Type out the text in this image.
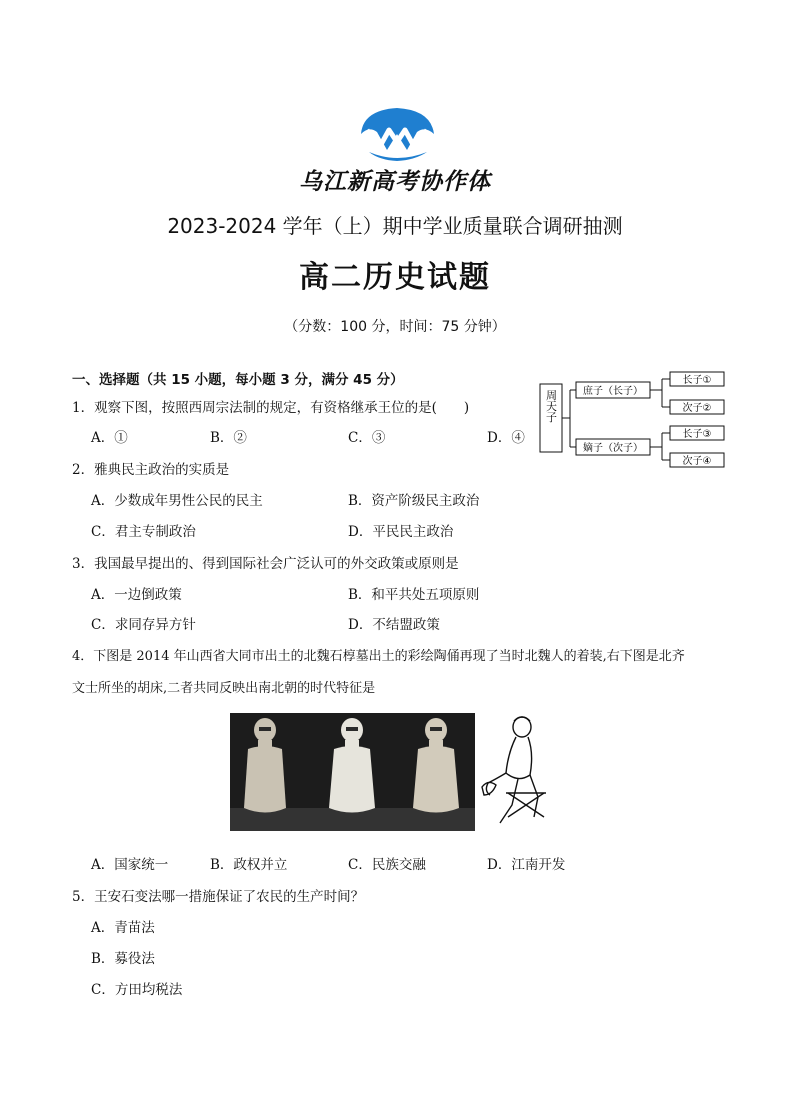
乌江新高考协作体
2023-2024 学年（上）期中学业质量联合调研抽测
高二历史试题
（分数：100 分，时间：75 分钟）
一、选择题（共 15 小题，每小题 3 分，满分 45 分）
周天子	庶子（长子）
嫡子（次子）
长子①
次子②
长子③
次子④
1．观察下图，按照西周宗法制的规定，有资格继承王位的是(　　)
A．①	B．②	C．③	D．④
2．雅典民主政治的实质是
A．少数成年男性公民的民主	B．资产阶级民主政治
C．君主专制政治	D．平民民主政治
3．我国最早提出的、得到国际社会广泛认可的外交政策或原则是
A．一边倒政策	B．和平共处五项原则
C．求同存异方针	D．不结盟政策
4．下图是 2014 年山西省大同市出土的北魏石椁墓出土的彩绘陶俑再现了当时北魏人的着装,右下图是北齐
文士所坐的胡床,二者共同反映出南北朝的时代特征是
A．国家统一	B．政权并立	C．民族交融	D．江南开发
5．王安石变法哪一措施保证了农民的生产时间？
A．青苗法
B．募役法
C．方田均税法
